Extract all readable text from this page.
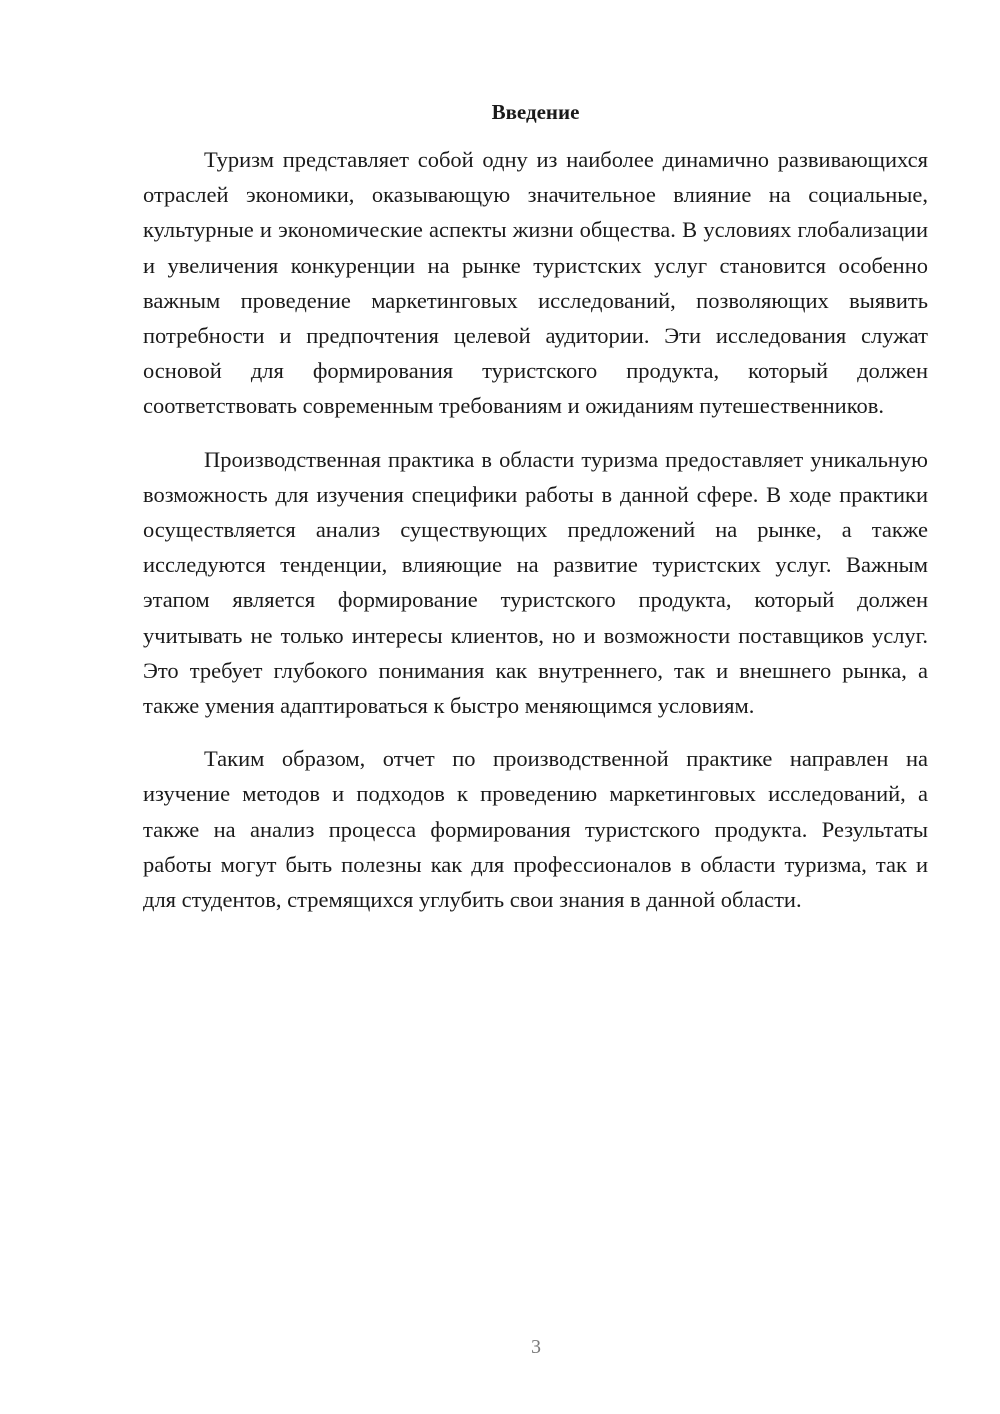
Введение

Туризм представляет собой одну из наиболее динамично развивающихся отраслей экономики, оказывающую значительное влияние на социальные, культурные и экономические аспекты жизни общества. В условиях глобализации и увеличения конкуренции на рынке туристских услуг становится особенно важным проведение маркетинговых исследований, позволяющих выявить потребности и предпочтения целевой аудитории. Эти исследования служат основой для формирования туристского продукта, который должен соответствовать современным требованиям и ожиданиям путешественников.

Производственная практика в области туризма предоставляет уникальную возможность для изучения специфики работы в данной сфере. В ходе практики осуществляется анализ существующих предложений на рынке, а также исследуются тенденции, влияющие на развитие туристских услуг. Важным этапом является формирование туристского продукта, который должен учитывать не только интересы клиентов, но и возможности поставщиков услуг. Это требует глубокого понимания как внутреннего, так и внешнего рынка, а также умения адаптироваться к быстро меняющимся условиям.

Таким образом, отчет по производственной практике направлен на изучение методов и подходов к проведению маркетинговых исследований, а также на анализ процесса формирования туристского продукта. Результаты работы могут быть полезны как для профессионалов в области туризма, так и для студентов, стремящихся углубить свои знания в данной области.

3
